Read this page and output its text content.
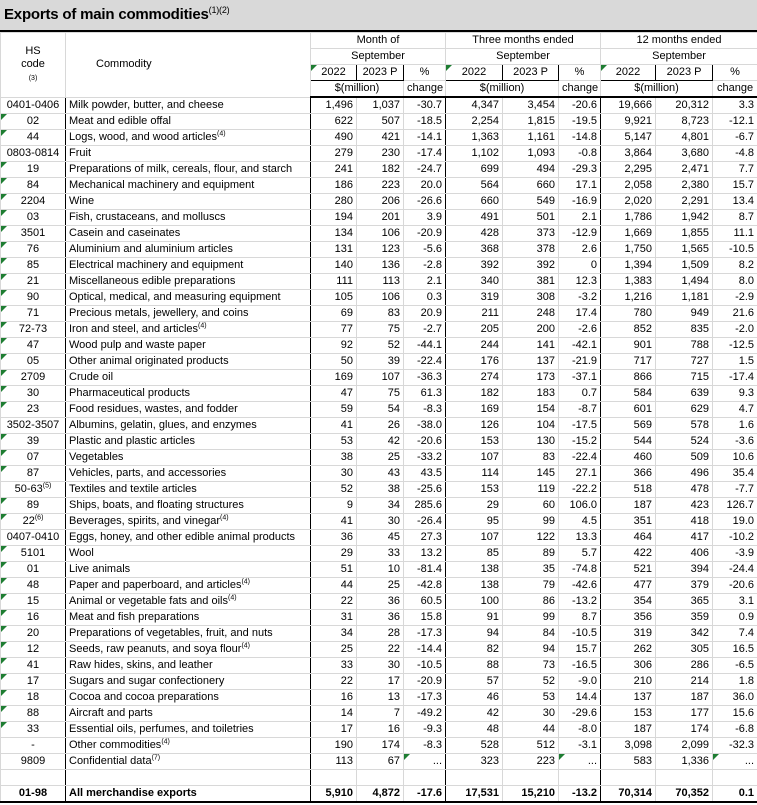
Exports of main commodities$^{(1)(2)}$
HS
code
(3)	Commodity	Month of			Three months ended			12 months ended		
		September			September			September		
		2022	2023 P	%	2022	2023 P	%	2022	2023 P	%
		$(million)		change	$(million)		change	$(million)		change
0401-0406	Milk powder, butter, and cheese	1,496	1,037	-30.7	4,347	3,454	-20.6	19,666	20,312	3.3
02	Meat and edible offal	622	507	-18.5	2,254	1,815	-19.5	9,921	8,723	-12.1
44	Logs, wood, and wood articles$^{(4)}$	490	421	-14.1	1,363	1,161	-14.8	5,147	4,801	-6.7
0803-0814	Fruit	279	230	-17.4	1,102	1,093	-0.8	3,864	3,680	-4.8
19	Preparations of milk, cereals, flour, and starch	241	182	-24.7	699	494	-29.3	2,295	2,471	7.7
84	Mechanical machinery and equipment	186	223	20.0	564	660	17.1	2,058	2,380	15.7
2204	Wine	280	206	-26.6	660	549	-16.9	2,020	2,291	13.4
03	Fish, crustaceans, and molluscs	194	201	3.9	491	501	2.1	1,786	1,942	8.7
3501	Casein and caseinates	134	106	-20.9	428	373	-12.9	1,669	1,855	11.1
76	Aluminium and aluminium articles	131	123	-5.6	368	378	2.6	1,750	1,565	-10.5
85	Electrical machinery and equipment	140	136	-2.8	392	392	0	1,394	1,509	8.2
21	Miscellaneous edible preparations	111	113	2.1	340	381	12.3	1,383	1,494	8.0
90	Optical, medical, and measuring equipment	105	106	0.3	319	308	-3.2	1,216	1,181	-2.9
71	Precious metals, jewellery, and coins	69	83	20.9	211	248	17.4	780	949	21.6
72-73	Iron and steel, and articles$^{(4)}$	77	75	-2.7	205	200	-2.6	852	835	-2.0
47	Wood pulp and waste paper	92	52	-44.1	244	141	-42.1	901	788	-12.5
05	Other animal originated products	50	39	-22.4	176	137	-21.9	717	727	1.5
2709	Crude oil	169	107	-36.3	274	173	-37.1	866	715	-17.4
30	Pharmaceutical products	47	75	61.3	182	183	0.7	584	639	9.3
23	Food residues, wastes, and fodder	59	54	-8.3	169	154	-8.7	601	629	4.7
3502-3507	Albumins, gelatin, glues, and enzymes	41	26	-38.0	126	104	-17.5	569	578	1.6
39	Plastic and plastic articles	53	42	-20.6	153	130	-15.2	544	524	-3.6
07	Vegetables	38	25	-33.2	107	83	-22.4	460	509	10.6
87	Vehicles, parts, and accessories	30	43	43.5	114	145	27.1	366	496	35.4
50-63$^{(5)}$	Textiles and textile articles	52	38	-25.6	153	119	-22.2	518	478	-7.7
89	Ships, boats, and floating structures	9	34	285.6	29	60	106.0	187	423	126.7
22$^{(6)}$	Beverages, spirits, and vinegar$^{(4)}$	41	30	-26.4	95	99	4.5	351	418	19.0
0407-0410	Eggs, honey, and other edible animal products	36	45	27.3	107	122	13.3	464	417	-10.2
5101	Wool	29	33	13.2	85	89	5.7	422	406	-3.9
01	Live animals	51	10	-81.4	138	35	-74.8	521	394	-24.4
48	Paper and paperboard, and articles$^{(4)}$	44	25	-42.8	138	79	-42.6	477	379	-20.6
15	Animal or vegetable fats and oils$^{(4)}$	22	36	60.5	100	86	-13.2	354	365	3.1
16	Meat and fish preparations	31	36	15.8	91	99	8.7	356	359	0.9
20	Preparations of vegetables, fruit, and nuts	34	28	-17.3	94	84	-10.5	319	342	7.4
12	Seeds, raw peanuts, and soya flour$^{(4)}$	25	22	-14.4	82	94	15.7	262	305	16.5
41	Raw hides, skins, and leather	33	30	-10.5	88	73	-16.5	306	286	-6.5
17	Sugars and sugar confectionery	22	17	-20.9	57	52	-9.0	210	214	1.8
18	Cocoa and cocoa preparations	16	13	-17.3	46	53	14.4	137	187	36.0
88	Aircraft and parts	14	7	-49.2	42	30	-29.6	153	177	15.6
33	Essential oils, perfumes, and toiletries	17	16	-9.3	48	44	-8.0	187	174	-6.8
-	Other commodities$^{(4)}$	190	174	-8.3	528	512	-3.1	3,098	2,099	-32.3
9809	Confidential data$^{(7)}$	113	67	...	323	223	...	583	1,336	...

01-98	All merchandise exports	5,910	4,872	-17.6	17,531	15,210	-13.2	70,314	70,352	0.1
